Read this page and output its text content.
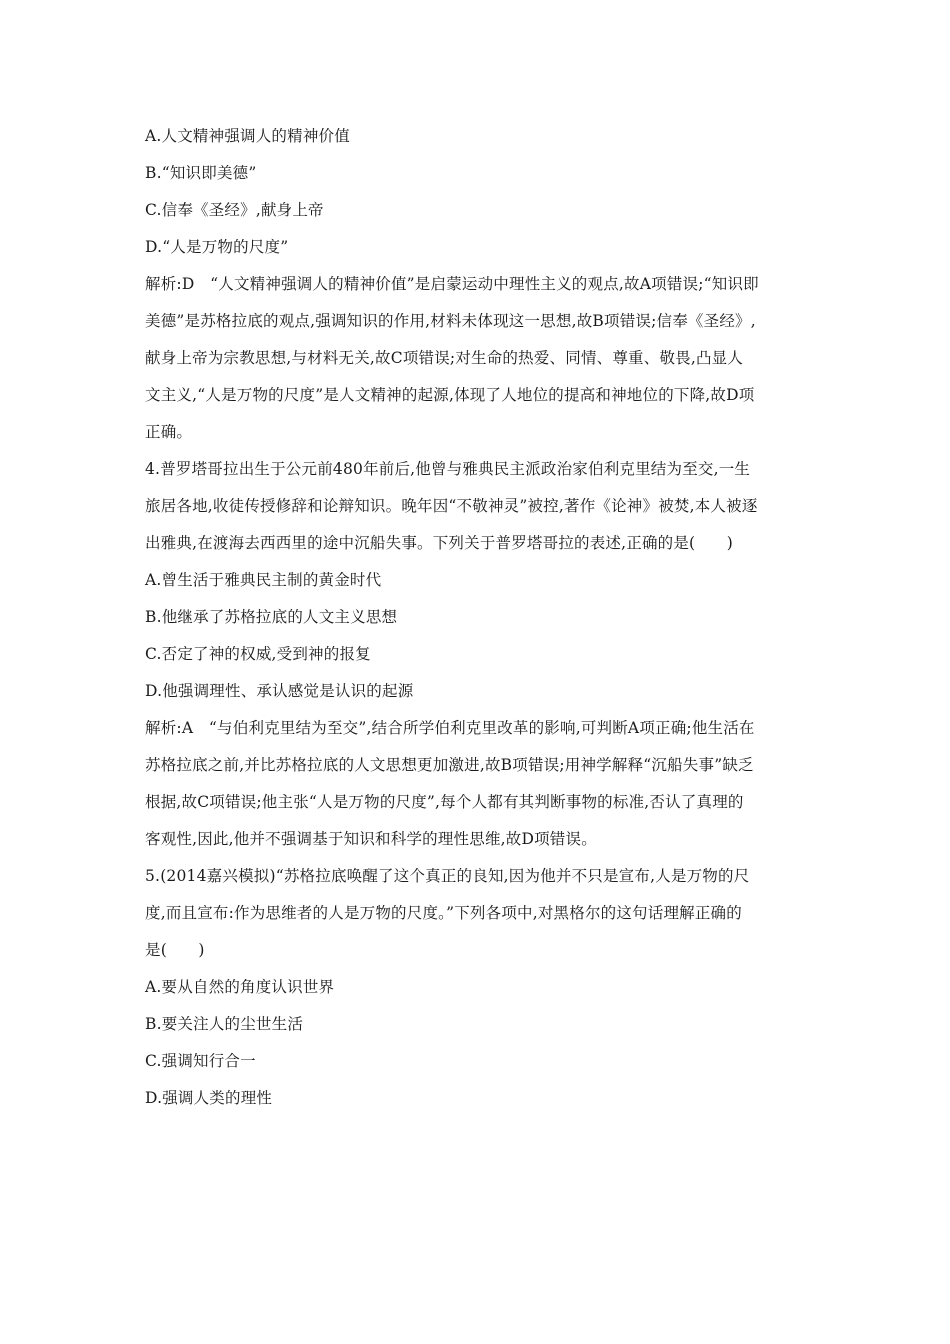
A.人文精神强调人的精神价值
B.“知识即美德”
C.信奉《圣经》,献身上帝
D.“人是万物的尺度”
解析:D　“人文精神强调人的精神价值”是启蒙运动中理性主义的观点,故A项错误;“知识即
美德”是苏格拉底的观点,强调知识的作用,材料未体现这一思想,故B项错误;信奉《圣经》,
献身上帝为宗教思想,与材料无关,故C项错误;对生命的热爱、同情、尊重、敬畏,凸显人
文主义,“人是万物的尺度”是人文精神的起源,体现了人地位的提高和神地位的下降,故D项
正确。
4.普罗塔哥拉出生于公元前480年前后,他曾与雅典民主派政治家伯利克里结为至交,一生
旅居各地,收徒传授修辞和论辩知识。晚年因“不敬神灵”被控,著作《论神》被焚,本人被逐
出雅典,在渡海去西西里的途中沉船失事。下列关于普罗塔哥拉的表述,正确的是(　　)
A.曾生活于雅典民主制的黄金时代
B.他继承了苏格拉底的人文主义思想
C.否定了神的权威,受到神的报复
D.他强调理性、承认感觉是认识的起源
解析:A　“与伯利克里结为至交”,结合所学伯利克里改革的影响,可判断A项正确;他生活在
苏格拉底之前,并比苏格拉底的人文思想更加激进,故B项错误;用神学解释“沉船失事”缺乏
根据,故C项错误;他主张“人是万物的尺度”,每个人都有其判断事物的标准,否认了真理的
客观性,因此,他并不强调基于知识和科学的理性思维,故D项错误。
5.(2014嘉兴模拟)“苏格拉底唤醒了这个真正的良知,因为他并不只是宣布,人是万物的尺
度,而且宣布:作为思维者的人是万物的尺度。”下列各项中,对黑格尔的这句话理解正确的
是(　　)
A.要从自然的角度认识世界
B.要关注人的尘世生活
C.强调知行合一
D.强调人类的理性
